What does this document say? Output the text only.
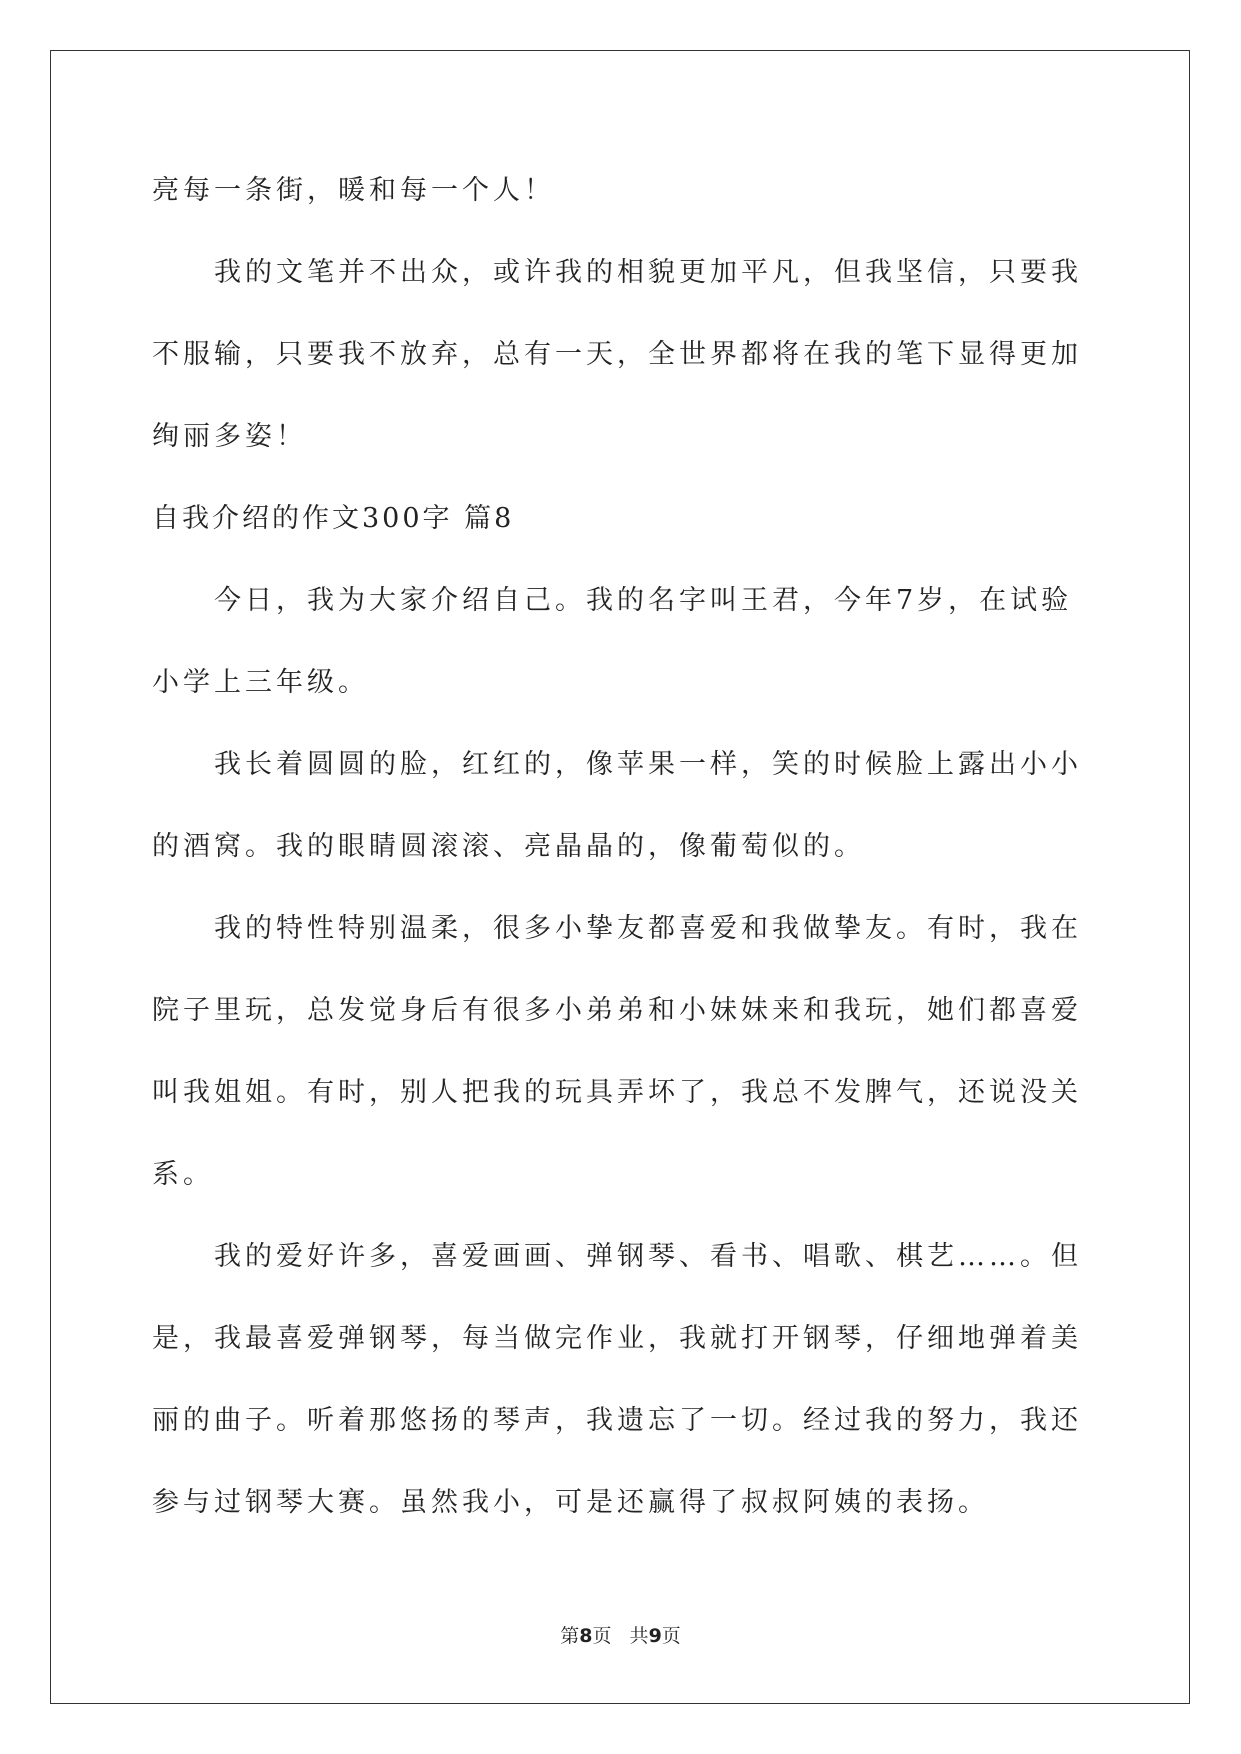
亮每一条街，暖和每一个人！

我的文笔并不出众，或许我的相貌更加平凡，但我坚信，只要我不服输，只要我不放弃，总有一天，全世界都将在我的笔下显得更加绚丽多姿！

自我介绍的作文300字 篇8

今日，我为大家介绍自己。我的名字叫王君，今年7岁，在试验小学上三年级。

我长着圆圆的脸，红红的，像苹果一样，笑的时候脸上露出小小的酒窝。我的眼睛圆滚滚、亮晶晶的，像葡萄似的。

我的特性特别温柔，很多小挚友都喜爱和我做挚友。有时，我在院子里玩，总发觉身后有很多小弟弟和小妹妹来和我玩，她们都喜爱叫我姐姐。有时，别人把我的玩具弄坏了，我总不发脾气，还说没关系。

我的爱好许多，喜爱画画、弹钢琴、看书、唱歌、棋艺……。但是，我最喜爱弹钢琴，每当做完作业，我就打开钢琴，仔细地弹着美丽的曲子。听着那悠扬的琴声，我遗忘了一切。经过我的努力，我还参与过钢琴大赛。虽然我小，可是还赢得了叔叔阿姨的表扬。

第8页   共9页
